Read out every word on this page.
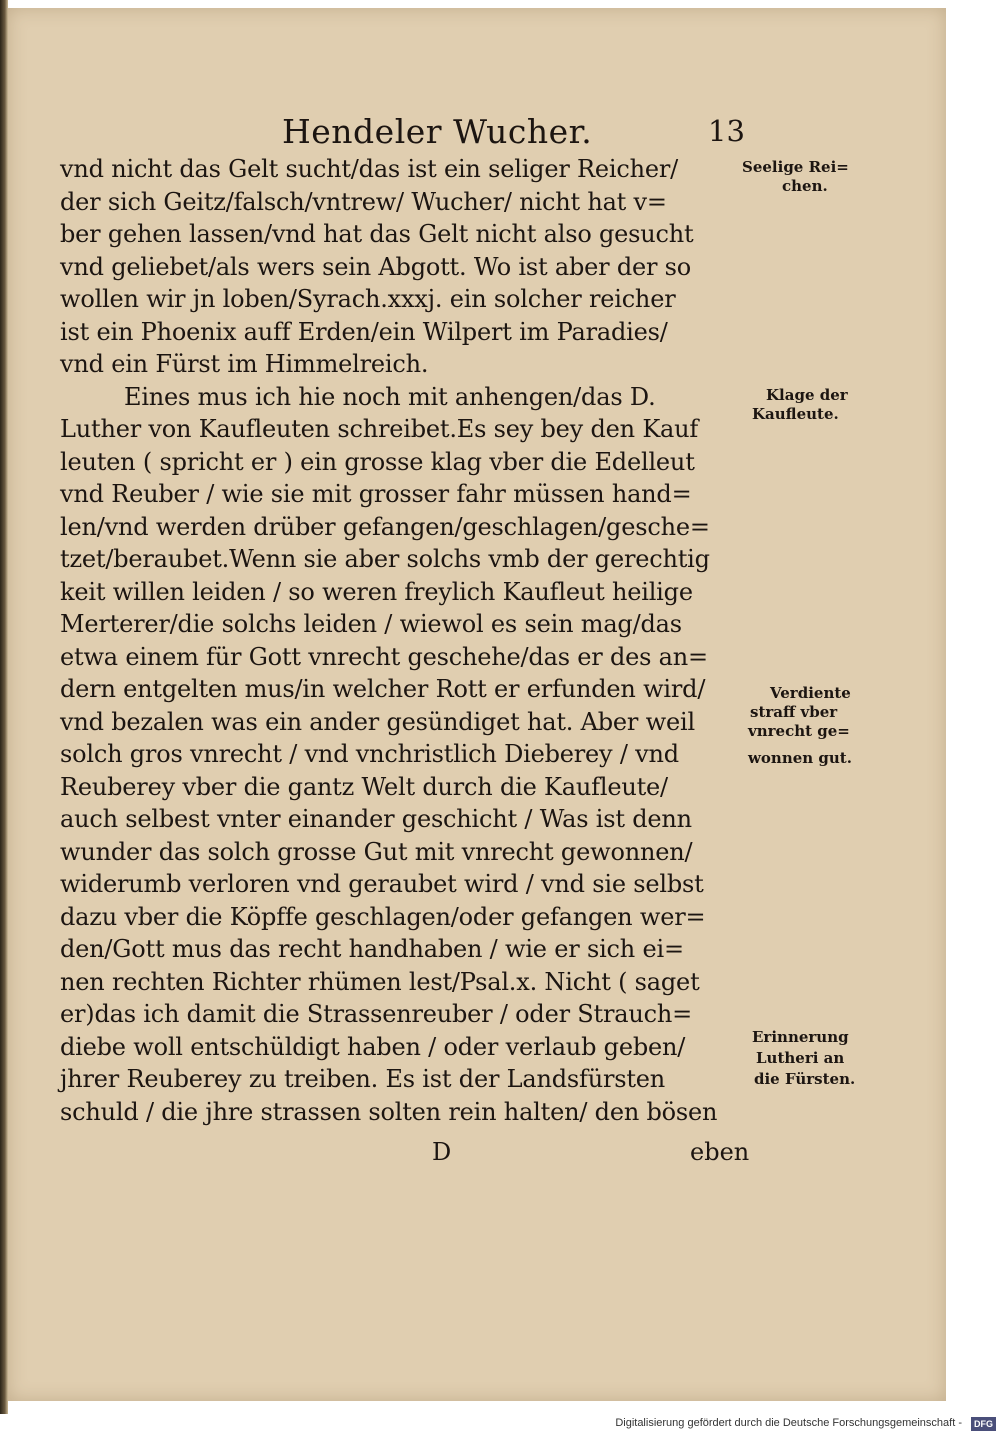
Hendeler Wucher.	13
vnd nicht das Gelt sucht/das ist ein seliger Reicher/
der sich Geitz/falsch/vntrew/ Wucher/ nicht hat v=
ber gehen lassen/vnd hat das Gelt nicht also gesucht
vnd geliebet/als wers sein Abgott. Wo ist aber der so
wollen wir jn loben/Syrach.xxxj. ein solcher reicher
ist ein Phoenix auff Erden/ein Wilpert im Paradies/
vnd ein Fürst im Himmelreich.
Eines mus ich hie noch mit anhengen/das D.
Luther von Kaufleuten schreibet.Es sey bey den Kauf
leuten ( spricht er ) ein grosse klag vber die Edelleut
vnd Reuber / wie sie mit grosser fahr müssen hand=
len/vnd werden drüber gefangen/geschlagen/gesche=
tzet/beraubet.Wenn sie aber solchs vmb der gerechtig
keit willen leiden / so weren freylich Kaufleut heilige
Merterer/die solchs leiden / wiewol es sein mag/das
etwa einem für Gott vnrecht geschehe/das er des an=
dern entgelten mus/in welcher Rott er erfunden wird/
vnd bezalen was ein ander gesündiget hat. Aber weil
solch gros vnrecht / vnd vnchristlich Dieberey / vnd
Reuberey vber die gantz Welt durch die Kaufleute/
auch selbest vnter einander geschicht / Was ist denn
wunder das solch grosse Gut mit vnrecht gewonnen/
widerumb verloren vnd geraubet wird / vnd sie selbst
dazu vber die Köpffe geschlagen/oder gefangen wer=
den/Gott mus das recht handhaben / wie er sich ei=
nen rechten Richter rhümen lest/Psal.x. Nicht ( saget
er)das ich damit die Strassenreuber / oder Strauch=
diebe woll entschüldigt haben / oder verlaub geben/
jhrer Reuberey zu treiben. Es ist der Landsfürsten
schuld / die jhre strassen solten rein halten/ den bösen
Seelige Rei=
chen.
Klage der
Kaufleute.
Verdiente
straff vber
vnrecht ge=
wonnen gut.
Erinnerung
Lutheri an
die Fürsten.
D	eben
Digitalisierung gefördert durch die Deutsche Forschungsgemeinschaft -	DFG
